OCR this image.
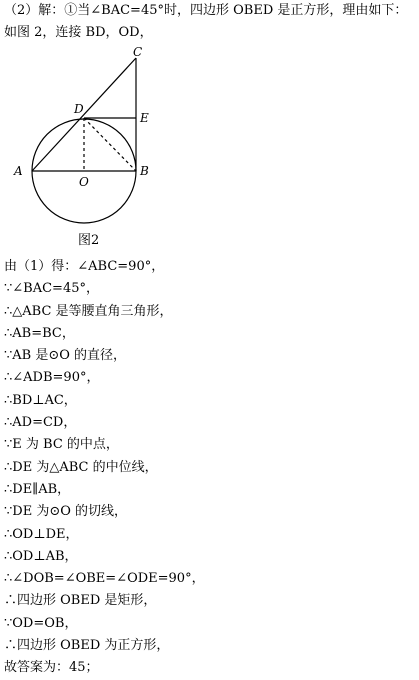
（2）解：①当∠BAC=45°时，四边形 OBED 是正方形，理由如下：
如图 2，连接 BD，OD，
A	B
C
D
E
O
图2
由（1）得：∠ABC=90°，
∵∠BAC=45°，
∴△ABC 是等腰直角三角形，
∴AB=BC，
∵AB 是⊙O 的直径，
∴∠ADB=90°，
∴BD⊥AC，
∴AD=CD，
∵E 为 BC 的中点，
∴DE 为△ABC 的中位线，
∴DE∥AB，
∵DE 为⊙O 的切线，
∴OD⊥DE，
∴OD⊥AB，
∴∠DOB=∠OBE=∠ODE=90°，
∴四边形 OBED 是矩形，
∵OD=OB，
∴四边形 OBED 为正方形，
故答案为：45；
